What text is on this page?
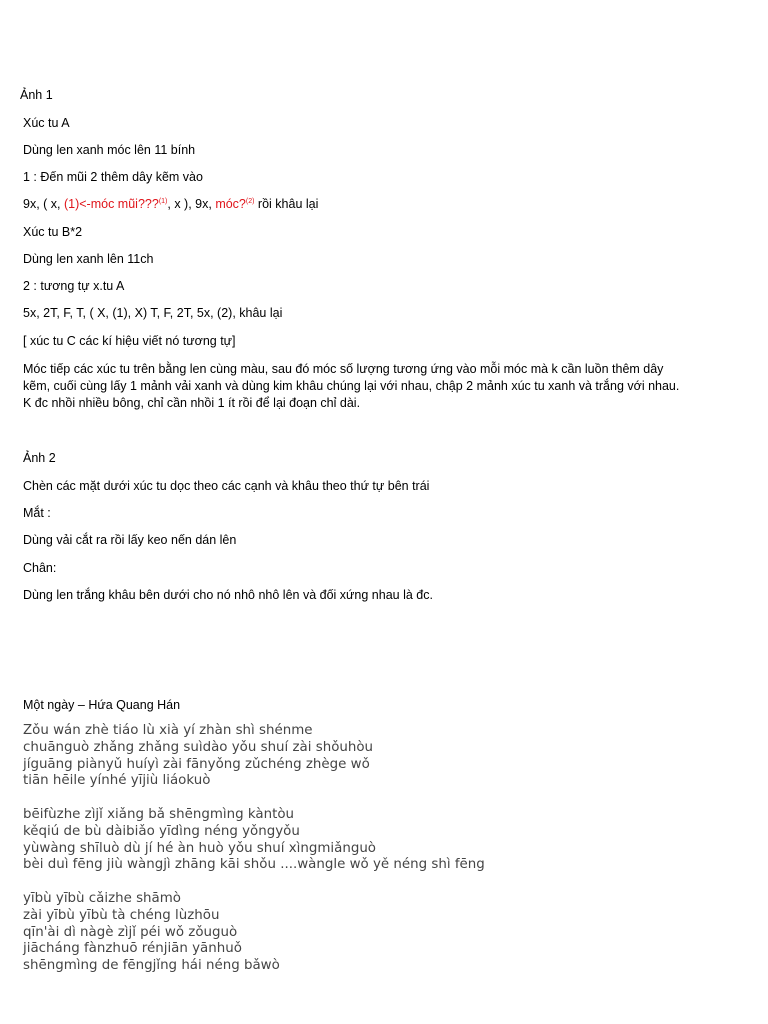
Ảnh 1

Xúc tu A

Dùng len xanh móc lên 11 bính

1 : Đến mũi 2 thêm dây kẽm vào

9x, ( x, (1)<-móc mũi???$^{(1)}$, x ), 9x, móc?$^{(2)}$ rồi khâu lại

Xúc tu B*2

Dùng len xanh lên 11ch

2 : tương tự x.tu A

5x, 2T, F, T, ( X, (1), X) T, F, 2T, 5x, (2), khâu lại

[ xúc tu C các kí hiệu viết nó tương tự]

Móc tiếp các xúc tu trên bằng len cùng màu, sau đó móc số lượng tương ứng vào mỗi móc mà k cần luồn thêm dây kẽm, cuối cùng lấy 1 mảnh vải xanh và dùng kim khâu chúng lại với nhau, chập 2 mảnh xúc tu xanh và trắng với nhau. K đc nhồi nhiều bông, chỉ cần nhồi 1 ít rồi để lại đoạn chỉ dài.

Ảnh 2

Chèn các mặt dưới xúc tu dọc theo các cạnh và khâu theo thứ tự bên trái

Mắt :

Dùng vải cắt ra rồi lấy keo nến dán lên

Chân:

Dùng len trắng khâu bên dưới cho nó nhô nhô lên và đối xứng nhau là đc.

Một ngày – Hứa Quang Hán

Zǒu wán zhè tiáo lù xià yí zhàn shì shénme
chuānguò zhǎng zhǎng suìdào yǒu shuí zài shǒuhòu
jíguāng piànyǔ huíyì zài fānyǒng zǔchéng zhège wǒ
tiān hēile yínhé yījiù liáokuò
bēifùzhe zìjǐ xiǎng bǎ shēngmìng kàntòu
kěqiú de bù dàibiǎo yīdìng néng yǒngyǒu
yùwàng shīluò dù jí hé àn huò yǒu shuí xìngmiǎnguò
bèi duì fēng jiù wàngjì zhāng kāi shǒu ....wàngle wǒ yě néng shì fēng
yībù yībù cǎizhe shāmò
zài yībù yībù tà chéng lùzhōu
qīn'ài dì nàgè zìjǐ péi wǒ zǒuguò
jiācháng fànzhuō rénjiān yānhuǒ
shēngmìng de fēngjǐng hái néng bǎwò
